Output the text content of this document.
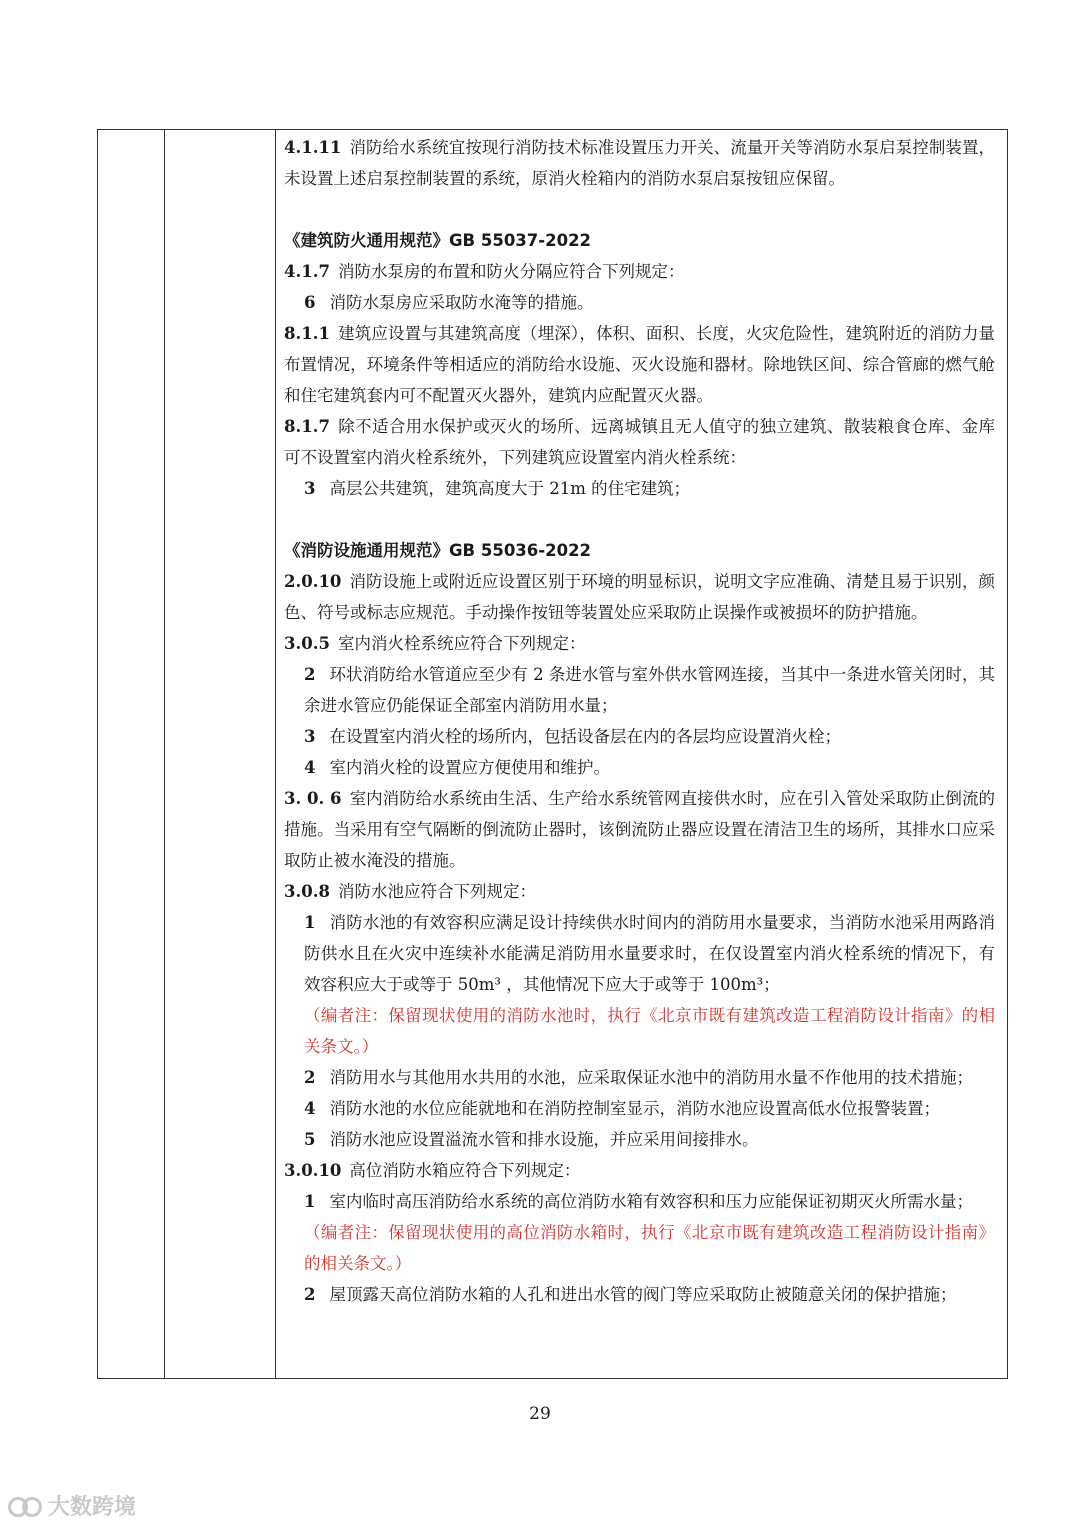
4.1.11 消防给水系统宜按现行消防技术标准设置压力开关、流量开关等消防水泵启泵控制装置，未设置上述启泵控制装置的系统，原消火栓箱内的消防水泵启泵按钮应保留。
《建筑防火通用规范》GB 55037-2022
4.1.7 消防水泵房的布置和防火分隔应符合下列规定：
6 消防水泵房应采取防水淹等的措施。
8.1.1 建筑应设置与其建筑高度（埋深），体积、面积、长度，火灾危险性，建筑附近的消防力量布置情况，环境条件等相适应的消防给水设施、灭火设施和器材。除地铁区间、综合管廊的燃气舱和住宅建筑套内可不配置灭火器外，建筑内应配置灭火器。
8.1.7 除不适合用水保护或灭火的场所、远离城镇且无人值守的独立建筑、散装粮食仓库、金库可不设置室内消火栓系统外，下列建筑应设置室内消火栓系统：
3 高层公共建筑，建筑高度大于 21m 的住宅建筑；
《消防设施通用规范》GB 55036-2022
2.0.10 消防设施上或附近应设置区别于环境的明显标识，说明文字应准确、清楚且易于识别，颜色、符号或标志应规范。手动操作按钮等装置处应采取防止误操作或被损坏的防护措施。
3.0.5 室内消火栓系统应符合下列规定：
2 环状消防给水管道应至少有 2 条进水管与室外供水管网连接，当其中一条进水管关闭时，其余进水管应仍能保证全部室内消防用水量；
3 在设置室内消火栓的场所内，包括设备层在内的各层均应设置消火栓；
4 室内消火栓的设置应方便使用和维护。
3. 0. 6 室内消防给水系统由生活、生产给水系统管网直接供水时，应在引入管处采取防止倒流的措施。当采用有空气隔断的倒流防止器时，该倒流防止器应设置在清洁卫生的场所，其排水口应采取防止被水淹没的措施。
3.0.8 消防水池应符合下列规定：
1 消防水池的有效容积应满足设计持续供水时间内的消防用水量要求，当消防水池采用两路消防供水且在火灾中连续补水能满足消防用水量要求时，在仅设置室内消火栓系统的情况下，有效容积应大于或等于 50m³ ，其他情况下应大于或等于 100m³；
（编者注：保留现状使用的消防水池时，执行《北京市既有建筑改造工程消防设计指南》的相关条文。）
2 消防用水与其他用水共用的水池，应采取保证水池中的消防用水量不作他用的技术措施；
4 消防水池的水位应能就地和在消防控制室显示，消防水池应设置高低水位报警装置；
5 消防水池应设置溢流水管和排水设施，并应采用间接排水。
3.0.10 高位消防水箱应符合下列规定：
1 室内临时高压消防给水系统的高位消防水箱有效容积和压力应能保证初期灭火所需水量；
（编者注：保留现状使用的高位消防水箱时，执行《北京市既有建筑改造工程消防设计指南》的相关条文。）
2 屋顶露天高位消防水箱的人孔和进出水管的阀门等应采取防止被随意关闭的保护措施；
29
大数跨境
